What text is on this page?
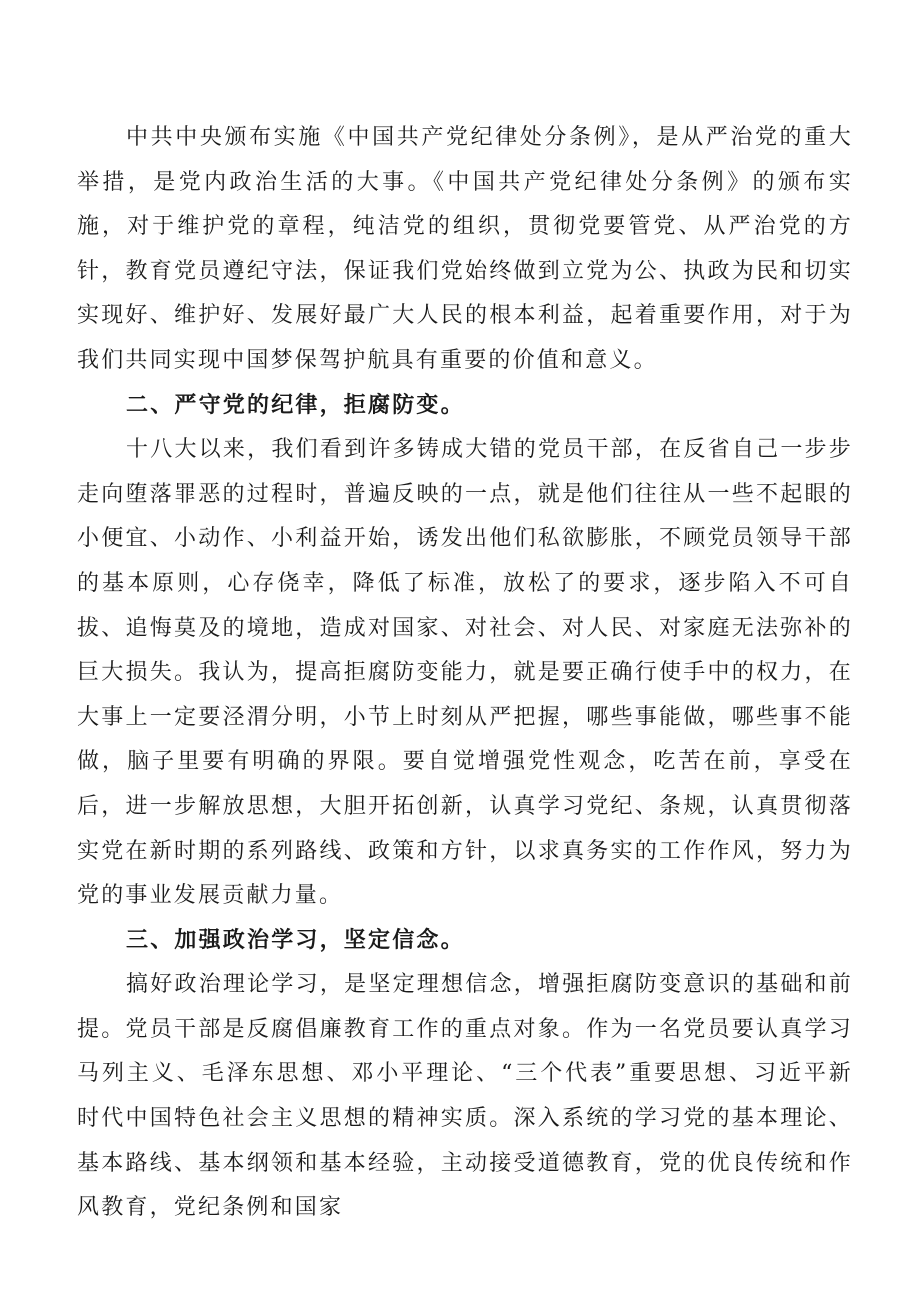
中共中央颁布实施《中国共产党纪律处分条例》，是从严治党的重大举措，是党内政治生活的大事。《中国共产党纪律处分条例》的颁布实施，对于维护党的章程，纯洁党的组织，贯彻党要管党、从严治党的方针，教育党员遵纪守法，保证我们党始终做到立党为公、执政为民和切实实现好、维护好、发展好最广大人民的根本利益，起着重要作用，对于为我们共同实现中国梦保驾护航具有重要的价值和意义。

二、严守党的纪律，拒腐防变。

十八大以来，我们看到许多铸成大错的党员干部，在反省自己一步步走向堕落罪恶的过程时，普遍反映的一点，就是他们往往从一些不起眼的小便宜、小动作、小利益开始，诱发出他们私欲膨胀，不顾党员领导干部的基本原则，心存侥幸，降低了标准，放松了的要求，逐步陷入不可自拔、追悔莫及的境地，造成对国家、对社会、对人民、对家庭无法弥补的巨大损失。我认为，提高拒腐防变能力，就是要正确行使手中的权力，在大事上一定要泾渭分明，小节上时刻从严把握，哪些事能做，哪些事不能做，脑子里要有明确的界限。要自觉增强党性观念，吃苦在前，享受在后，进一步解放思想，大胆开拓创新，认真学习党纪、条规，认真贯彻落实党在新时期的系列路线、政策和方针，以求真务实的工作作风，努力为党的事业发展贡献力量。

三、加强政治学习，坚定信念。

搞好政治理论学习，是坚定理想信念，增强拒腐防变意识的基础和前提。党员干部是反腐倡廉教育工作的重点对象。作为一名党员要认真学习马列主义、毛泽东思想、邓小平理论、“三个代表”重要思想、习近平新时代中国特色社会主义思想的精神实质。深入系统的学习党的基本理论、基本路线、基本纲领和基本经验，主动接受道德教育，党的优良传统和作风教育，党纪条例和国家
